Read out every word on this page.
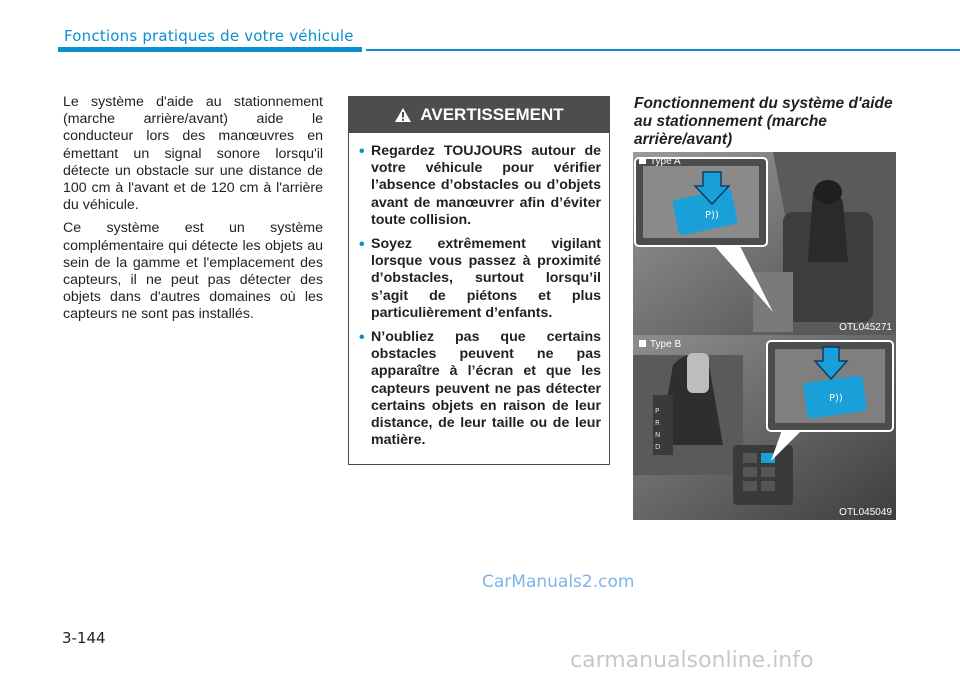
Fonctions pratiques de votre véhicule

Le système d'aide au stationnement (marche arrière/avant) aide le conducteur lors des manœuvres en émettant un signal sonore lorsqu'il détecte un obstacle sur une distance de 100 cm à l'avant et de 120 cm à l'arrière du véhicule.

Ce système est un système complémentaire qui détecte les objets au sein de la gamme et l'emplacement des capteurs, il ne peut pas détecter des objets dans d'autres domaines où les capteurs ne sont pas installés.

AVERTISSEMENT
• Regardez TOUJOURS autour de votre véhicule pour vérifier l’absence d’obstacles ou d’objets avant de manœuvrer afin d’éviter toute collision.
• Soyez extrêmement vigilant lorsque vous passez à proximité d’obstacles, surtout lorsqu’il s’agit de piétons et plus particulièrement d’enfants.
• N’oubliez pas que certains obstacles peuvent ne pas apparaître à l’écran et que les capteurs peuvent ne pas détecter certains objets en raison de leur distance, de leur taille ou de leur matière.
Fonctionnement du système d'aide au stationnement (marche arrière/avant)
P))
Type A
OTL045271
P
R
N
D
P))
Type B
OTL045049
CarManuals2.com
3-144
carmanualsonline.info
